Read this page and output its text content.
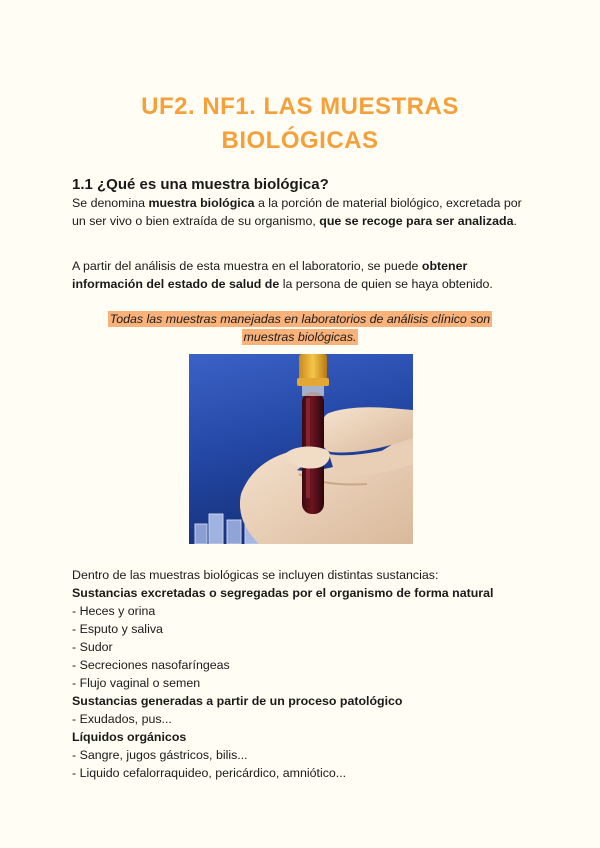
UF2. NF1. LAS MUESTRAS
BIOLÓGICAS
1.1 ¿Qué es una muestra biológica?
Se denomina muestra biológica a la porción de material biológico, excretada por un ser vivo o bien extraída de su organismo, que se recoge para ser analizada.
A partir del análisis de esta muestra en el laboratorio, se puede obtener información del estado de salud de la persona de quien se haya obtenido.
Todas las muestras manejadas en laboratorios de análisis clínico son
muestras biológicas.
Dentro de las muestras biológicas se incluyen distintas sustancias:
Sustancias excretadas o segregadas por el organismo de forma natural
- Heces y orina
- Esputo y saliva
- Sudor
- Secreciones nasofaríngeas
- Flujo vaginal o semen
Sustancias generadas a partir de un proceso patológico
- Exudados, pus...
Líquidos orgánicos
- Sangre, jugos gástricos, bilis...
- Liquido cefalorraquideo, pericárdico, amniótico...
